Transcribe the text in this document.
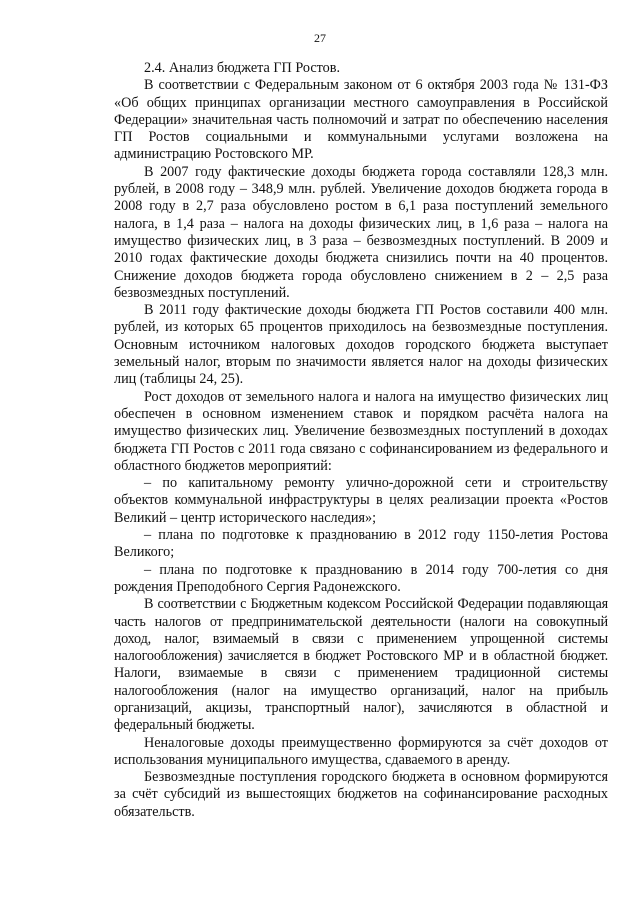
27

2.4. Анализ бюджета ГП Ростов.

В соответствии с Федеральным законом от 6 октября 2003 года № 131-ФЗ «Об общих принципах организации местного самоуправления в Российской Федерации» значительная часть полномочий и затрат по обеспечению населения ГП Ростов социальными и коммунальными услугами возложена на администрацию Ростовского МР.

В 2007 году фактические доходы бюджета города составляли 128,3 млн. рублей, в 2008 году – 348,9 млн. рублей. Увеличение доходов бюджета города в 2008 году в 2,7 раза обусловлено ростом в 6,1 раза поступлений земельного налога, в 1,4 раза – налога на доходы физических лиц, в 1,6 раза – налога на имущество физических лиц, в 3 раза – безвозмездных поступлений. В 2009 и 2010 годах фактические доходы бюджета снизились почти на 40 процентов. Снижение доходов бюджета города обусловлено снижением в 2 – 2,5 раза безвозмездных поступлений.

В 2011 году фактические доходы бюджета ГП Ростов составили 400 млн. рублей, из которых 65 процентов приходилось на безвозмездные поступления. Основным источником налоговых доходов городского бюджета выступает земельный налог, вторым по значимости является налог на доходы физических лиц (таблицы 24, 25).

Рост доходов от земельного налога и налога на имущество физических лиц обеспечен в основном изменением ставок и порядком расчёта налога на имущество физических лиц. Увеличение безвозмездных поступлений в доходах бюджета ГП Ростов с 2011 года связано с софинансированием из федерального и областного бюджетов мероприятий:

– по капитальному ремонту улично-дорожной сети и строительству объектов коммунальной инфраструктуры в целях реализации проекта «Ростов Великий – центр исторического наследия»;

– плана по подготовке к празднованию в 2012 году 1150-летия Ростова Великого;

– плана по подготовке к празднованию в 2014 году 700-летия со дня рождения Преподобного Сергия Радонежского.

В соответствии с Бюджетным кодексом Российской Федерации подавляющая часть налогов от предпринимательской деятельности (налоги на совокупный доход, налог, взимаемый в связи с применением упрощенной системы налогообложения) зачисляется в бюджет Ростовского МР и в областной бюджет. Налоги, взимаемые в связи с применением традиционной системы налогообложения (налог на имущество организаций, налог на прибыль организаций, акцизы, транспортный налог), зачисляются в областной и федеральный бюджеты.

Неналоговые доходы преимущественно формируются за счёт доходов от использования муниципального имущества, сдаваемого в аренду.

Безвозмездные поступления городского бюджета в основном формируются за счёт субсидий из вышестоящих бюджетов на софинансирование расходных обязательств.
